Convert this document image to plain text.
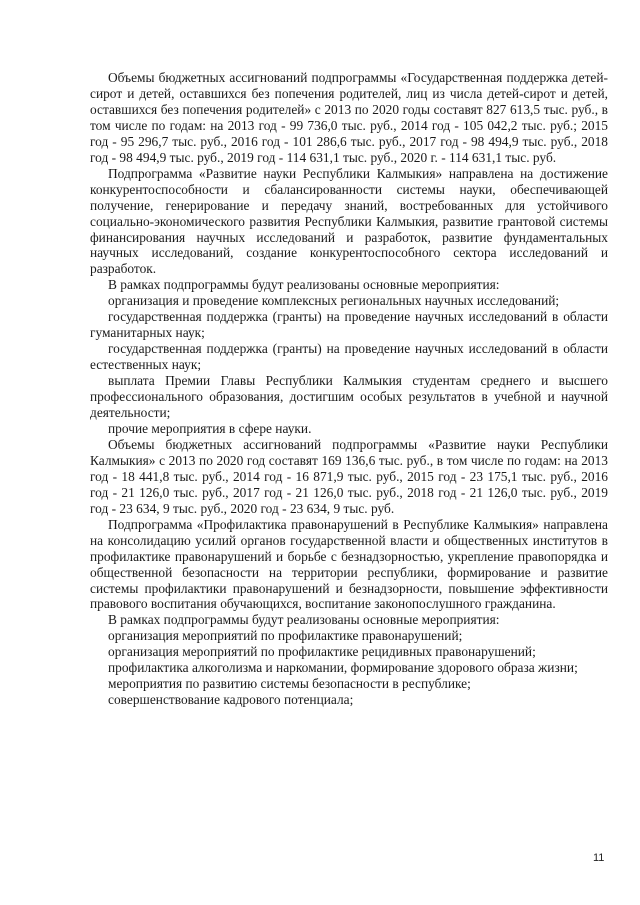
Объемы бюджетных ассигнований подпрограммы «Государственная поддержка детей-сирот и детей, оставшихся без попечения родителей, лиц из числа детей-сирот и детей, оставшихся без попечения родителей» с 2013 по 2020 годы составят 827 613,5 тыс. руб., в том числе по годам: на 2013 год - 99 736,0 тыс. руб., 2014 год - 105 042,2 тыс. руб.; 2015 год - 95 296,7 тыс. руб., 2016 год - 101 286,6 тыс. руб., 2017 год - 98 494,9 тыс. руб., 2018 год - 98 494,9 тыс. руб., 2019 год - 114 631,1 тыс. руб., 2020 г. - 114 631,1 тыс. руб.

Подпрограмма «Развитие науки Республики Калмыкия» направлена на достижение конкурентоспособности и сбалансированности системы науки, обеспечивающей получение, генерирование и передачу знаний, востребованных для устойчивого социально-экономического развития Республики Калмыкия, развитие грантовой системы финансирования научных исследований и разработок, развитие фундаментальных научных исследований, создание конкурентоспособного сектора исследований и разработок.

В рамках подпрограммы будут реализованы основные мероприятия:

организация и проведение комплексных региональных научных исследований;

государственная поддержка (гранты) на проведение научных исследований в области гуманитарных наук;

государственная поддержка (гранты) на проведение научных исследований в области естественных наук;

выплата Премии Главы Республики Калмыкия студентам среднего и высшего профессионального образования, достигшим особых результатов в учебной и научной деятельности;

прочие мероприятия в сфере науки.

Объемы бюджетных ассигнований подпрограммы «Развитие науки Республики Калмыкия» с 2013 по 2020 год составят 169 136,6 тыс. руб., в том числе по годам: на 2013 год - 18 441,8 тыс. руб., 2014 год - 16 871,9 тыс. руб., 2015 год - 23 175,1 тыс. руб., 2016 год - 21 126,0 тыс. руб., 2017 год - 21 126,0 тыс. руб., 2018 год - 21 126,0 тыс. руб., 2019 год - 23 634, 9 тыс. руб., 2020 год - 23 634, 9 тыс. руб.

Подпрограмма «Профилактика правонарушений в Республике Калмыкия» направлена на консолидацию усилий органов государственной власти и общественных институтов в профилактике правонарушений и борьбе с безнадзорностью, укрепление правопорядка и общественной безопасности на территории республики, формирование и развитие системы профилактики правонарушений и безнадзорности, повышение эффективности правового воспитания обучающихся, воспитание законопослушного гражданина.

В рамках подпрограммы будут реализованы основные мероприятия:

организация мероприятий по профилактике правонарушений;

организация мероприятий по профилактике рецидивных правонарушений;

профилактика алкоголизма и наркомании, формирование здорового образа жизни;

мероприятия по развитию системы безопасности в республике;

совершенствование кадрового потенциала;

11
